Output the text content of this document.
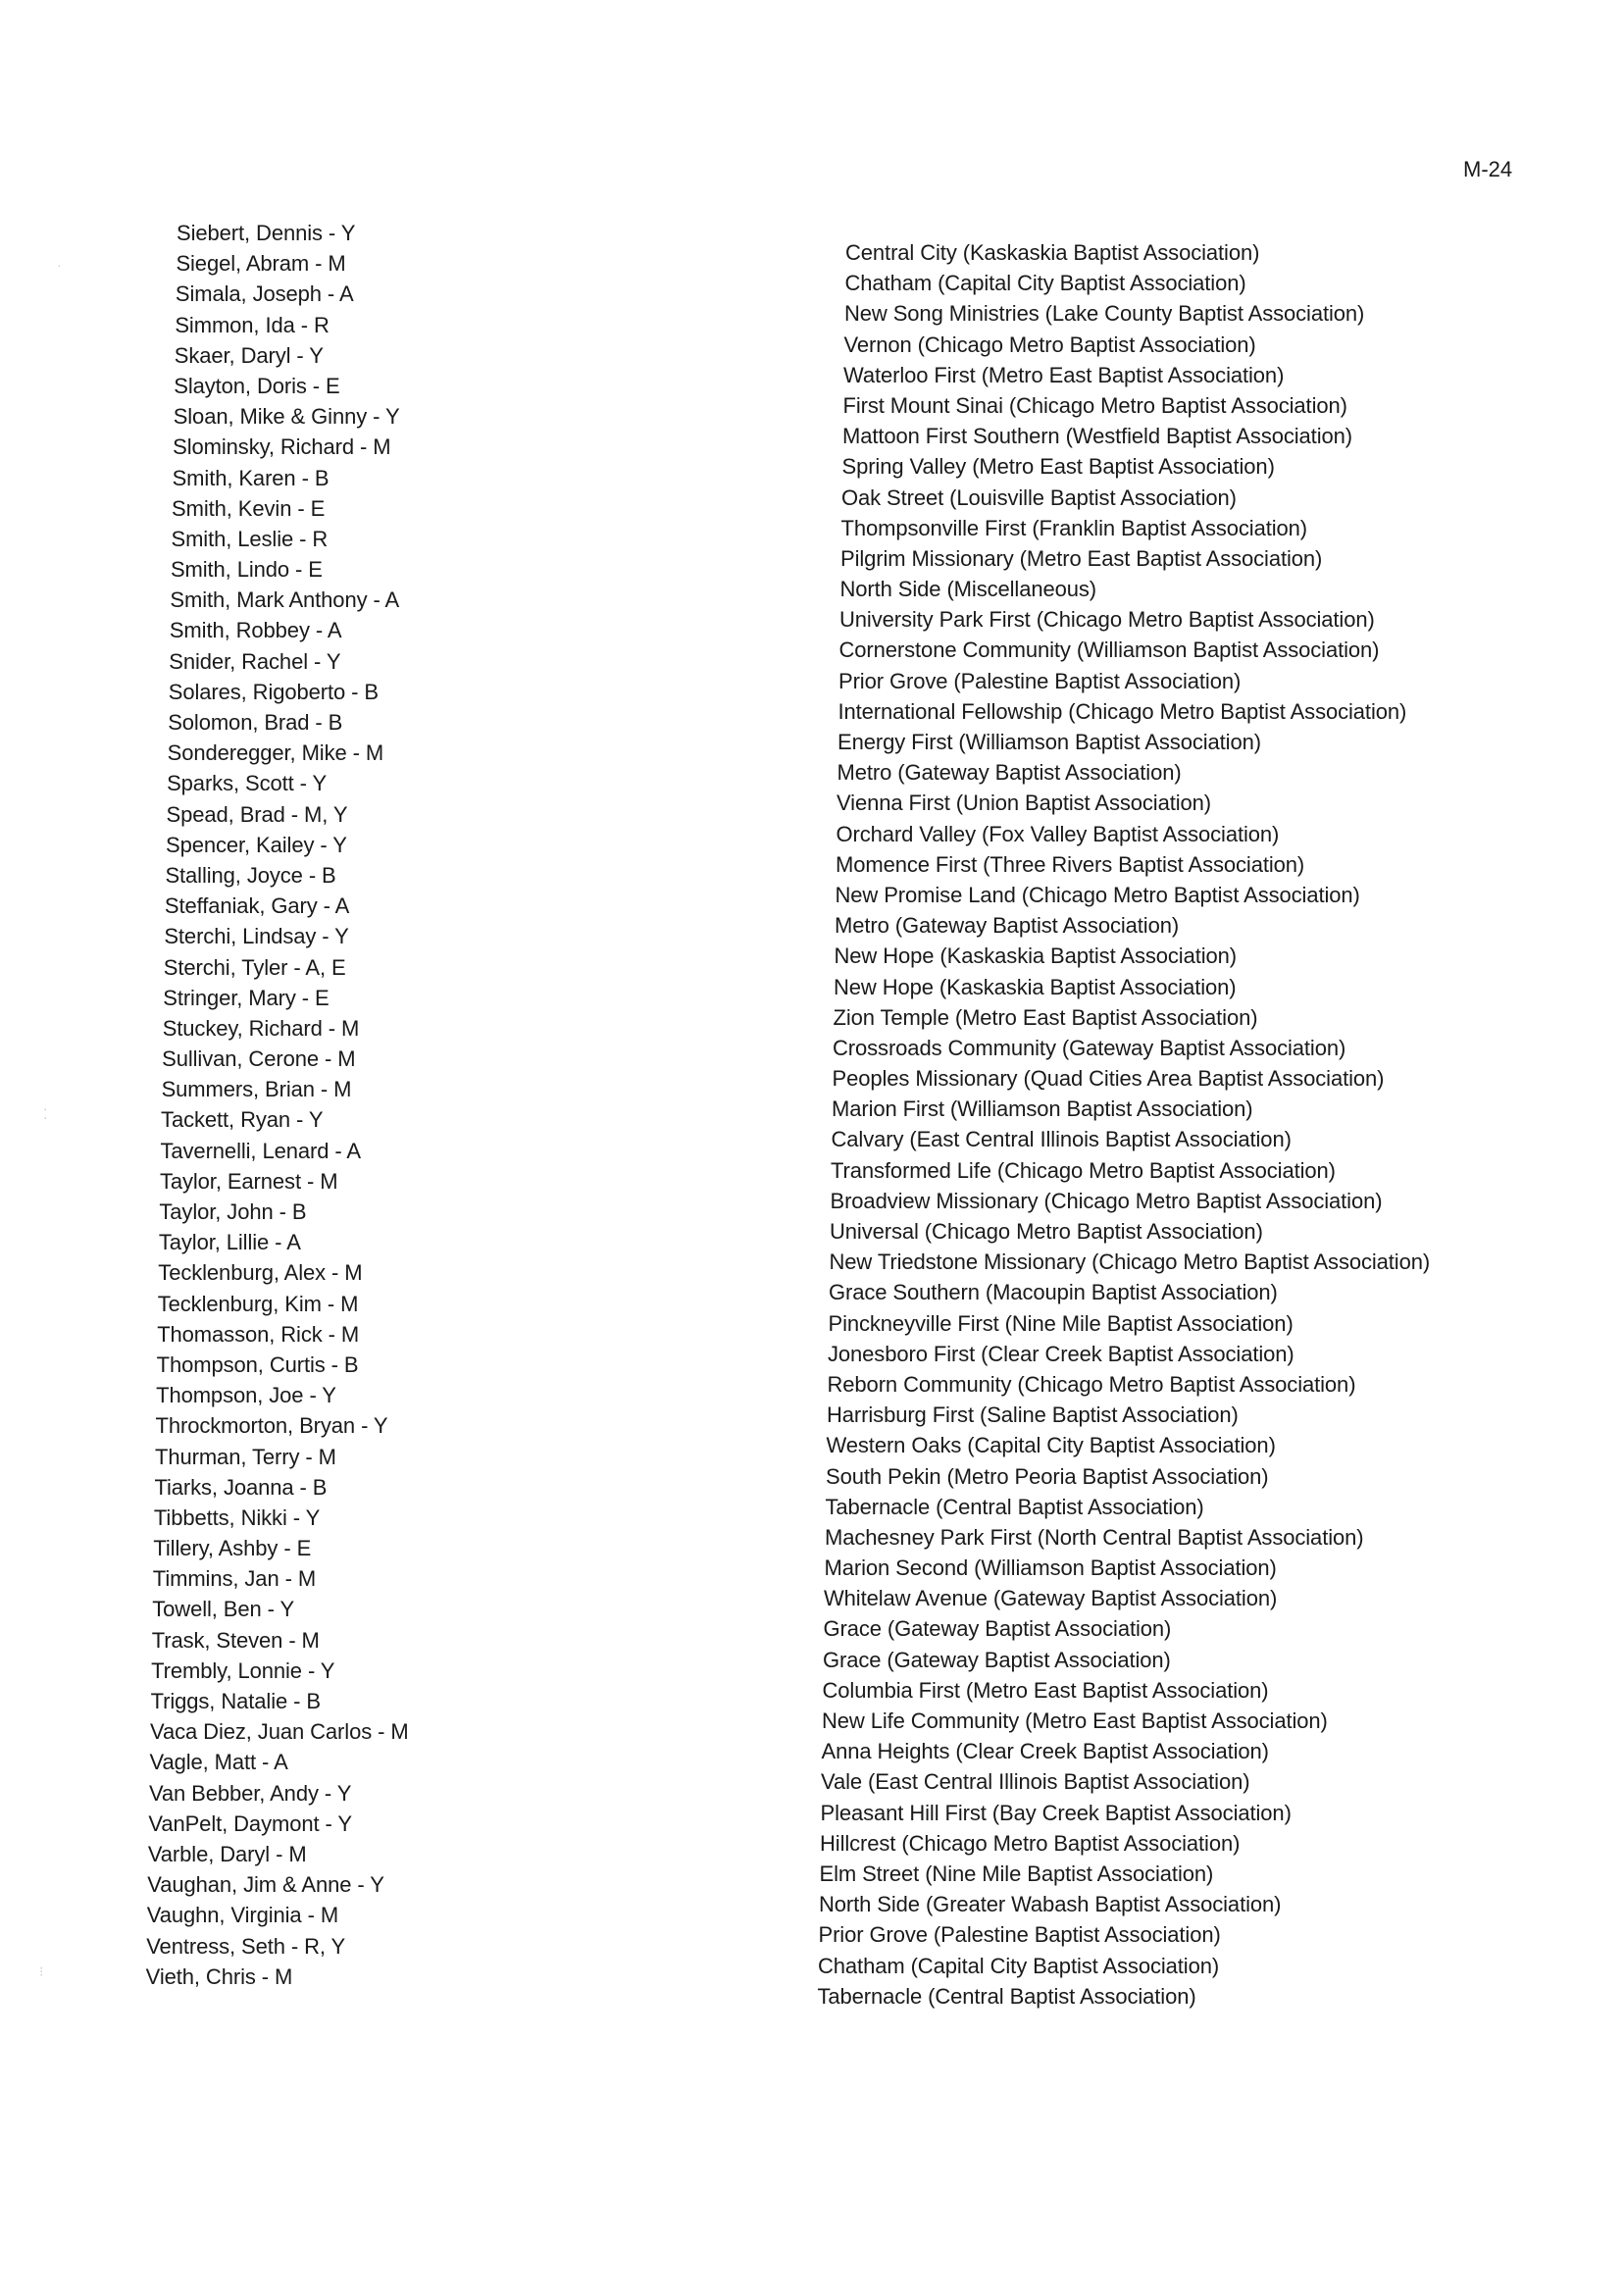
M-24
Siebert, Dennis - Y
Siegel, Abram - M
Simala, Joseph - A
Simmon, Ida - R
Skaer, Daryl - Y
Slayton, Doris - E
Sloan, Mike & Ginny - Y
Slominsky, Richard - M
Smith, Karen - B
Smith, Kevin - E
Smith, Leslie - R
Smith, Lindo - E
Smith, Mark Anthony - A
Smith, Robbey - A
Snider, Rachel - Y
Solares, Rigoberto - B
Solomon, Brad - B
Sonderegger, Mike - M
Sparks, Scott - Y
Spead, Brad - M, Y
Spencer, Kailey - Y
Stalling, Joyce - B
Steffaniak, Gary - A
Sterchi, Lindsay - Y
Sterchi, Tyler - A, E
Stringer, Mary - E
Stuckey, Richard - M
Sullivan, Cerone - M
Summers, Brian - M
Tackett, Ryan - Y
Tavernelli, Lenard - A
Taylor, Earnest - M
Taylor, John - B
Taylor, Lillie - A
Tecklenburg, Alex - M
Tecklenburg, Kim - M
Thomasson, Rick - M
Thompson, Curtis - B
Thompson, Joe - Y
Throckmorton, Bryan - Y
Thurman, Terry - M
Tiarks, Joanna - B
Tibbetts, Nikki - Y
Tillery, Ashby - E
Timmins, Jan - M
Towell, Ben - Y
Trask, Steven - M
Trembly, Lonnie - Y
Triggs, Natalie - B
Vaca Diez, Juan Carlos - M
Vagle, Matt - A
Van Bebber, Andy - Y
VanPelt, Daymont - Y
Varble, Daryl - M
Vaughan, Jim & Anne - Y
Vaughn, Virginia - M
Ventress, Seth - R, Y
Vieth, Chris - M
Central City (Kaskaskia Baptist Association)
Chatham (Capital City Baptist Association)
New Song Ministries (Lake County Baptist Association)
Vernon (Chicago Metro Baptist Association)
Waterloo First (Metro East Baptist Association)
First Mount Sinai (Chicago Metro Baptist Association)
Mattoon First Southern (Westfield Baptist Association)
Spring Valley (Metro East Baptist Association)
Oak Street (Louisville Baptist Association)
Thompsonville First (Franklin Baptist Association)
Pilgrim Missionary (Metro East Baptist Association)
North Side (Miscellaneous)
University Park First (Chicago Metro Baptist Association)
Cornerstone Community (Williamson Baptist Association)
Prior Grove (Palestine Baptist Association)
International Fellowship (Chicago Metro Baptist Association)
Energy First (Williamson Baptist Association)
Metro (Gateway Baptist Association)
Vienna First (Union Baptist Association)
Orchard Valley (Fox Valley Baptist Association)
Momence First (Three Rivers Baptist Association)
New Promise Land (Chicago Metro Baptist Association)
Metro (Gateway Baptist Association)
New Hope (Kaskaskia Baptist Association)
New Hope (Kaskaskia Baptist Association)
Zion Temple (Metro East Baptist Association)
Crossroads Community (Gateway Baptist Association)
Peoples Missionary (Quad Cities Area Baptist Association)
Marion First (Williamson Baptist Association)
Calvary (East Central Illinois Baptist Association)
Transformed Life (Chicago Metro Baptist Association)
Broadview Missionary (Chicago Metro Baptist Association)
Universal (Chicago Metro Baptist Association)
New Triedstone Missionary (Chicago Metro Baptist Association)
Grace Southern (Macoupin Baptist Association)
Pinckneyville First (Nine Mile Baptist Association)
Jonesboro First (Clear Creek Baptist Association)
Reborn Community (Chicago Metro Baptist Association)
Harrisburg First (Saline Baptist Association)
Western Oaks (Capital City Baptist Association)
South Pekin (Metro Peoria Baptist Association)
Tabernacle (Central Baptist Association)
Machesney Park First (North Central Baptist Association)
Marion Second (Williamson Baptist Association)
Whitelaw Avenue (Gateway Baptist Association)
Grace (Gateway Baptist Association)
Grace (Gateway Baptist Association)
Columbia First (Metro East Baptist Association)
New Life Community (Metro East Baptist Association)
Anna Heights (Clear Creek Baptist Association)
Vale (East Central Illinois Baptist Association)
Pleasant Hill First (Bay Creek Baptist Association)
Hillcrest (Chicago Metro Baptist Association)
Elm Street (Nine Mile Baptist Association)
North Side (Greater Wabash Baptist Association)
Prior Grove (Palestine Baptist Association)
Chatham (Capital City Baptist Association)
Tabernacle (Central Baptist Association)
·
⁚
⁝
